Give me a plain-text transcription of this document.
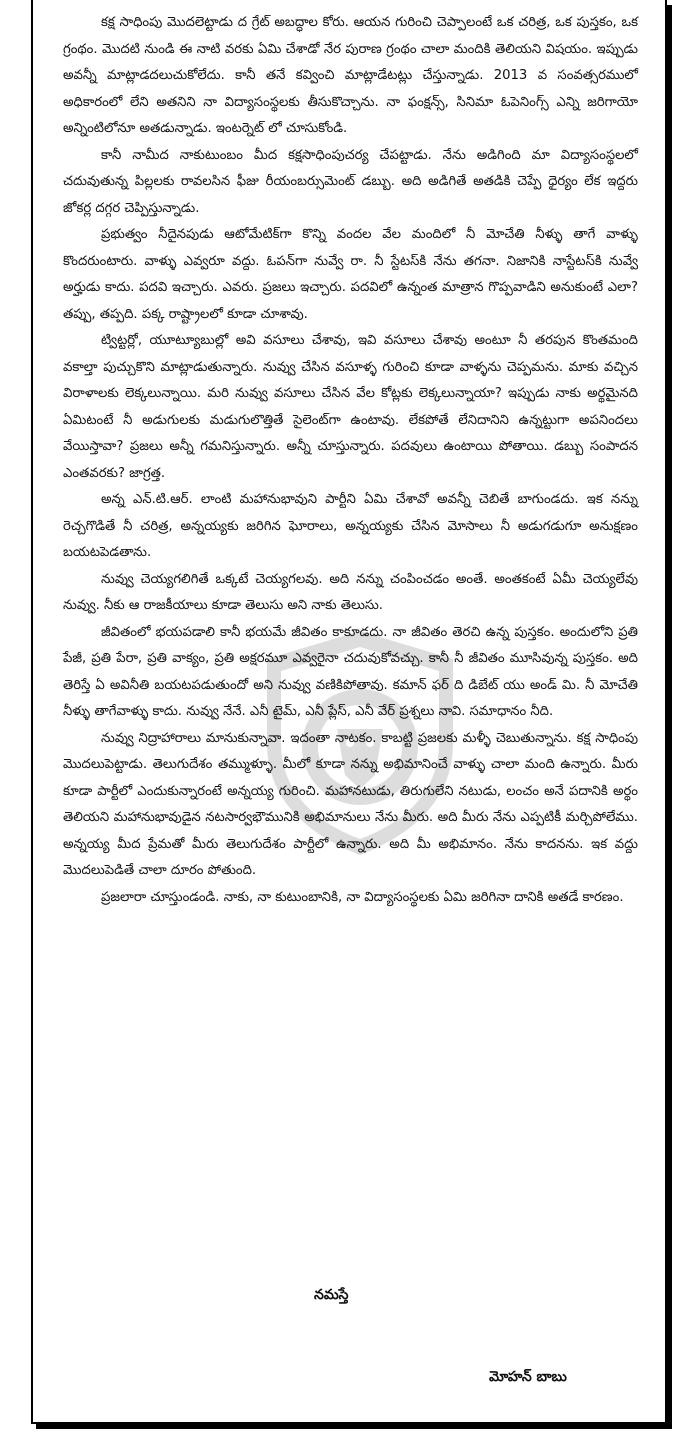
కక్ష సాధింపు మొదలెట్టాడు ద గ్రేట్ అబద్ధాల కోరు. ఆయన గురించి చెప్పాలంటే ఒక చరిత్ర, ఒక పుస్తకం, ఒక గ్రంథం. మొదటి నుండి ఈ నాటి వరకు ఏమి చేశాడో నేర పురాణ గ్రంథం చాలా మందికి తెలియని విషయం. ఇప్పుడు అవన్నీ మాట్లాడదలుచుకోలేదు. కానీ తనే కవ్వించి మాట్లాడేటట్లు చేస్తున్నాడు. 2013 వ సంవత్సరములో అధికారంలో లేని అతనిని నా విద్యాసంస్థలకు తీసుకొచ్చాను. నా ఫంక్షన్స్, సినిమా ఓపెనింగ్స్ ఎన్ని జరిగాయో అన్నింటిలోనూ అతడున్నాడు. ఇంటర్నెట్ లో చూసుకోండి.

కానీ నామీద నాకుటుంబం మీద కక్షసాధింపుచర్య చేపట్టాడు. నేను అడిగింది మా విద్యాసంస్థలలో చదువుతున్న పిల్లలకు రావలసిన ఫీజు రీయంబర్సుమెంట్ డబ్బు. అది అడిగితే అతడికి చెప్పే ధైర్యం లేక ఇద్దరు జోకర్ల దగ్గర చెప్పిస్తున్నాడు.

ప్రభుత్వం నీదైనపుడు ఆటోమేటిక్‌గా కొన్ని వందల వేల మందిలో నీ మోచేతి నీళ్ళు తాగే వాళ్ళు కొందరుంటారు. వాళ్ళు ఎవ్వరూ వద్దు. ఓపన్‌గా నువ్వే రా. నీ స్టేటస్‌కి నేను తగనా. నిజానికి నాస్టేటస్‌కి నువ్వే అర్హుడు కాదు. పదవి ఇచ్చారు. ఎవరు. ప్రజలు ఇచ్చారు. పదవిలో ఉన్నంత మాత్రాన గొప్పవాడిని అనుకుంటే ఎలా? తప్పు, తప్పది. పక్క రాష్ట్రాలలో కూడా చూశావు.

ట్విట్టర్లో, యూట్యూబుల్లో అవి వసూలు చేశావు, ఇవి వసూలు చేశావు అంటూ నీ తరపున కొంతమంది వకాల్తా పుచ్చుకొని మాట్లాడుతున్నారు. నువ్వు చేసిన వసూళ్ళ గురించి కూడా వాళ్ళను చెప్పమను. మాకు వచ్చిన విరాళాలకు లెక్కలున్నాయి. మరి నువ్వు వసూలు చేసిన వేల కోట్లకు లెక్కలున్నాయా? ఇప్పుడు నాకు అర్థమైనది ఏమిటంటే నీ అడుగులకు మడుగులొత్తితే సైలెంట్‌గా ఉంటావు. లేకపోతే లేనిదానిని ఉన్నట్టుగా అపనిందలు వేయిస్తావా? ప్రజలు అన్నీ గమనిస్తున్నారు. అన్నీ చూస్తున్నారు. పదవులు ఉంటాయి పోతాయి. డబ్బు సంపాదన ఎంతవరకు? జాగ్రత్త.

అన్న ఎన్.టి.ఆర్. లాంటి మహానుభావుని పార్టీని ఏమి చేశావో అవన్నీ చెబితే బాగుండదు. ఇక నన్ను రెచ్చగొడితే నీ చరిత్ర, అన్నయ్యకు జరిగిన ఘోరాలు, అన్నయ్యకు చేసిన మోసాలు నీ అడుగడుగూ అనుక్షణం బయటపెడతాను.

నువ్వు చెయ్యగలిగితే ఒక్కటే చెయ్యగలవు. అది నన్ను చంపించడం అంతే. అంతకంటే ఏమీ చెయ్యలేవు నువ్వు. నీకు ఆ రాజకీయాలు కూడా తెలుసు అని నాకు తెలుసు.

జీవితంలో భయపడాలి కానీ భయమే జీవితం కాకూడదు. నా జీవితం తెరచి ఉన్న పుస్తకం. అందులోని ప్రతి పేజీ, ప్రతి పేరా, ప్రతి వాక్యం, ప్రతి అక్షరమూ ఎవ్వరైనా చదువుకోవచ్చు. కానీ నీ జీవితం మూసివున్న పుస్తకం. అది తెరిస్తే ఏ అవినీతి బయటపడుతుందో అని నువ్వు వణికిపోతావు. కమాన్ ఫర్ ది డిబేట్ యు అండ్ మి. నీ మోచేతి నీళ్ళు తాగేవాళ్ళు కాదు. నువ్వు నేనే. ఎనీ టైమ్, ఎనీ ప్లేస్, ఎనీ వేర్ ప్రశ్నలు నావి. సమాధానం నీది.

నువ్వు నిద్రాహారాలు మానుకున్నావా. ఇదంతా నాటకం. కాబట్టి ప్రజలకు మళ్ళీ చెబుతున్నాను. కక్ష సాధింపు మొదలుపెట్టాడు. తెలుగుదేశం తమ్ముళ్ళూ. మీలో కూడా నన్ను అభిమానించే వాళ్ళు చాలా మంది ఉన్నారు. మీరు కూడా పార్టీలో ఎందుకున్నారంటే అన్నయ్య గురించి. మహానటుడు, తిరుగులేని నటుడు, లంచం అనే పదానికి అర్థం తెలియని మహానుభావుడైన నటసార్వభౌమునికి అభిమానులు నేను మీరు. అది మీరు నేను ఎప్పటికీ మర్చిపోలేము. అన్నయ్య మీద ప్రేమతో మీరు తెలుగుదేశం పార్టీలో ఉన్నారు. అది మీ అభిమానం. నేను కాదనను. ఇక వద్దు మొదలుపెడితే చాలా దూరం పోతుంది.

ప్రజలారా చూస్తుండండి. నాకు, నా కుటుంబానికి, నా విద్యాసంస్థలకు ఏమి జరిగినా దానికి అతడే కారణం.

నమస్తే
మోహన్ బాబు
